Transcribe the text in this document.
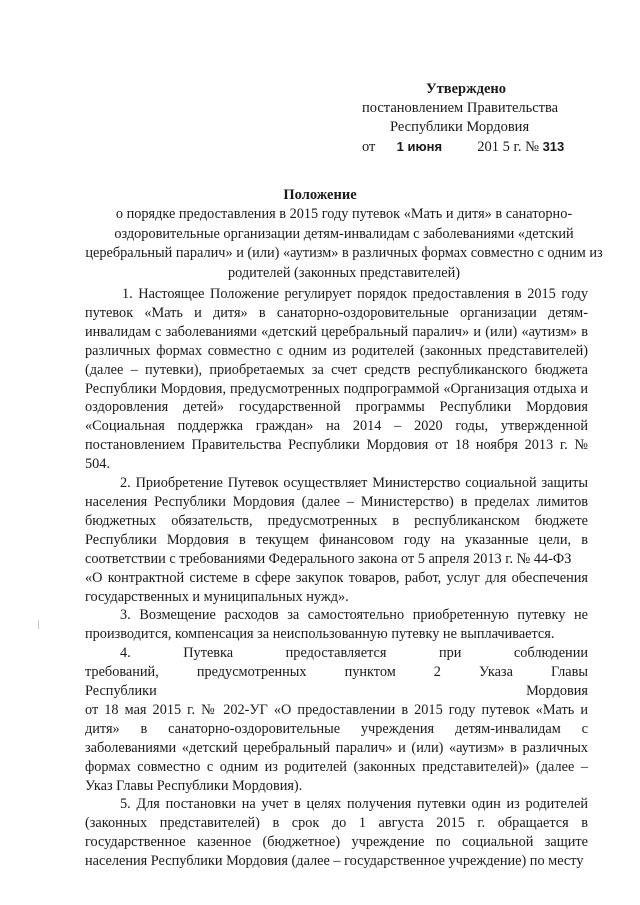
Утверждено
постановлением Правительства
Республики Мордовия
от 1 июня 201 5 г. № 313
Положение
о порядке предоставления в 2015 году путевок «Мать и дитя» в санаторно-оздоровительные организации детям-инвалидам с заболеваниями «детский церебральный паралич» и (или) «аутизм» в различных формах совместно с одним из родителей (законных представителей)

1. Настоящее Положение регулирует порядок предоставления в 2015 году путевок «Мать и дитя» в санаторно-оздоровительные организации детям-инвалидам с заболеваниями «детский церебральный паралич» и (или) «аутизм» в различных формах совместно с одним из родителей (законных представителей) (далее – путевки), приобретаемых за счет средств республиканского бюджета Республики Мордовия, предусмотренных подпрограммой «Организация отдыха и оздоровления детей» государственной программы Республики Мордовия «Социальная поддержка граждан» на 2014 – 2020 годы, утвержденной постановлением Правительства Республики Мордовия от 18 ноября 2013 г. № 504.

2. Приобретение Путевок осуществляет Министерство социальной защиты населения Республики Мордовия (далее – Министерство) в пределах лимитов бюджетных обязательств, предусмотренных в республиканском бюджете Республики Мордовия в текущем финансовом году на указанные цели, в соответствии с требованиями Федерального закона от 5 апреля 2013 г. № 44-ФЗ

«О контрактной системе в сфере закупок товаров, работ, услуг для обеспечения государственных и муниципальных нужд».

3. Возмещение расходов за самостоятельно приобретенную путевку не производится, компенсация за неиспользованную путевку не выплачивается.

4. Путевка предоставляется при соблюдении требований, предусмотренных пунктом 2 Указа Главы Республики Мордовия

от 18 мая 2015 г. № 202-УГ «О предоставлении в 2015 году путевок «Мать и дитя» в санаторно-оздоровительные учреждения детям-инвалидам с заболеваниями «детский церебральный паралич» и (или) «аутизм» в различных формах совместно с одним из родителей (законных представителей)» (далее – Указ Главы Республики Мордовия).

5. Для постановки на учет в целях получения путевки один из родителей (законных представителей) в срок до 1 августа 2015 г. обращается в государственное казенное (бюджетное) учреждение по социальной защите населения Республики Мордовия (далее – государственное учреждение) по месту
